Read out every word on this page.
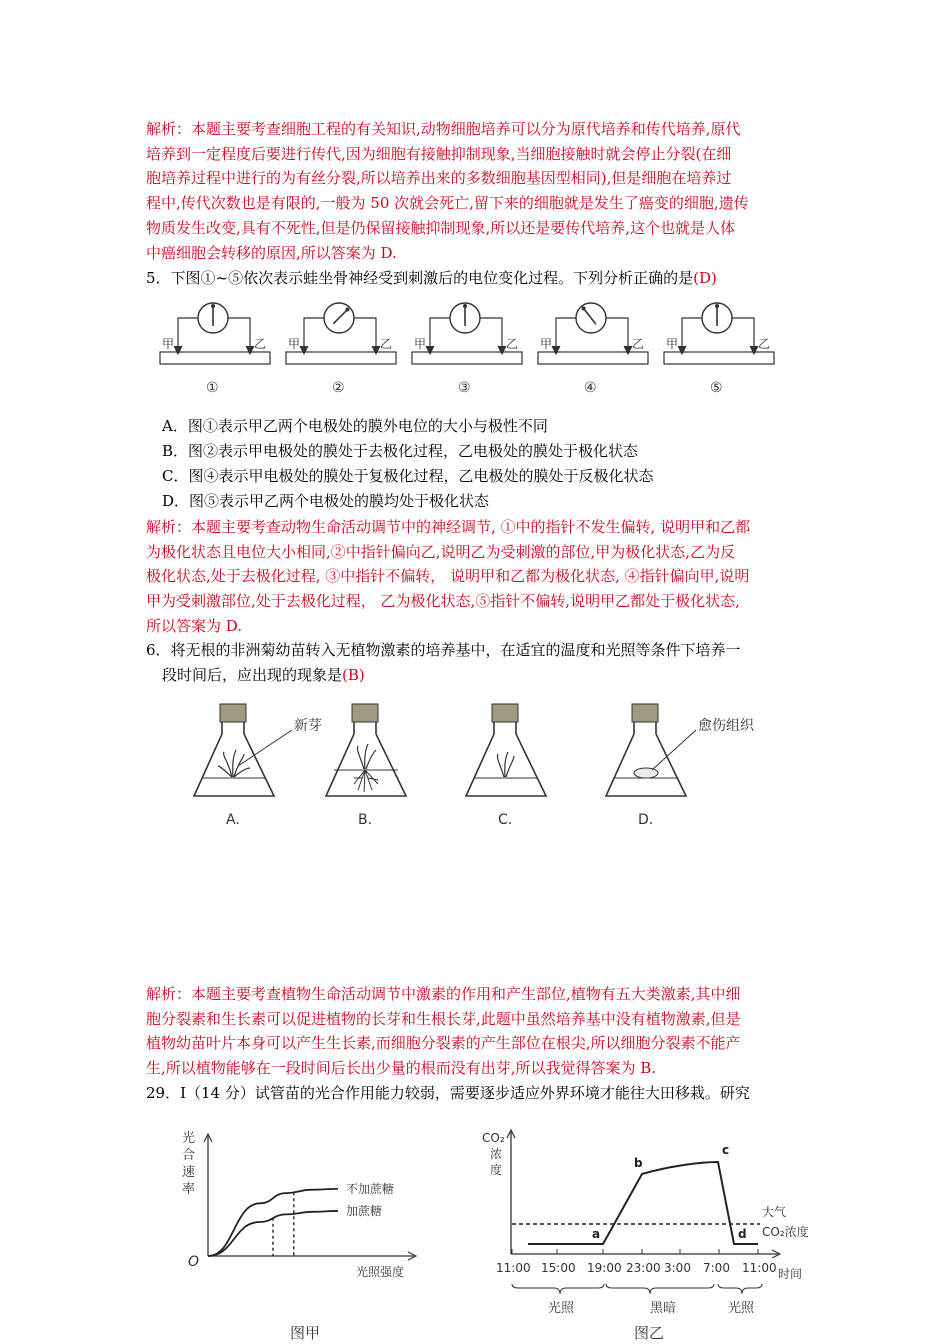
解析：本题主要考查细胞工程的有关知识,动物细胞培养可以分为原代培养和传代培养,原代
培养到一定程度后要进行传代,因为细胞有接触抑制现象,当细胞接触时就会停止分裂(在细
胞培养过程中进行的为有丝分裂,所以培养出来的多数细胞基因型相同),但是细胞在培养过
程中,传代次数也是有限的,一般为 50 次就会死亡,留下来的细胞就是发生了癌变的细胞,遗传
物质发生改变,具有不死性,但是仍保留接触抑制现象,所以还是要传代培养,这个也就是人体
中癌细胞会转移的原因,所以答案为 D.
5．下图①~⑤依次表示蛙坐骨神经受到刺激后的电位变化过程。下列分析正确的是(D)
甲	乙
①
甲	乙
②
甲	乙
③
甲	乙
④
甲	乙
⑤
A．图①表示甲乙两个电极处的膜外电位的大小与极性不同
B．图②表示甲电极处的膜处于去极化过程，乙电极处的膜处于极化状态
C．图④表示甲电极处的膜处于复极化过程，乙电极处的膜处于反极化状态
D．图⑤表示甲乙两个电极处的膜均处于极化状态
解析：本题主要考查动物生命活动调节中的神经调节, ①中的指针不发生偏转, 说明甲和乙都
为极化状态且电位大小相同,②中指针偏向乙,说明乙为受刺激的部位,甲为极化状态,乙为反
极化状态,处于去极化过程, ③中指针不偏转， 说明甲和乙都为极化状态, ④指针偏向甲,说明
甲为受刺激部位,处于去极化过程， 乙为极化状态,⑤指针不偏转,说明甲乙都处于极化状态,
所以答案为 D.
6．将无根的非洲菊幼苗转入无植物激素的培养基中，在适宜的温度和光照等条件下培养一
段时间后，应出现的现象是(B)
新芽
A.	B.	C.
愈伤组织
D.
解析：本题主要考查植物生命活动调节中激素的作用和产生部位,植物有五大类激素,其中细
胞分裂素和生长素可以促进植物的长芽和生根长芽,此题中虽然培养基中没有植物激素,但是
植物幼苗叶片本身可以产生生长素,而细胞分裂素的产生部位在根尖,所以细胞分裂素不能产
生,所以植物能够在一段时间后长出少量的根而没有出芽,所以我觉得答案为 B.
29．I（14 分）试管苗的光合作用能力较弱，需要逐步适应外界环境才能往大田移栽。研究
光
合
速
率
O
光照强度
不加蔗糖
加蔗糖
图甲
CO₂
浓
度
11:00 15:00 19:00 23:00 3:00 7:00 11:00
a
b
c
d
大气
CO₂浓度
时间
光照	黑暗	光照
图乙
